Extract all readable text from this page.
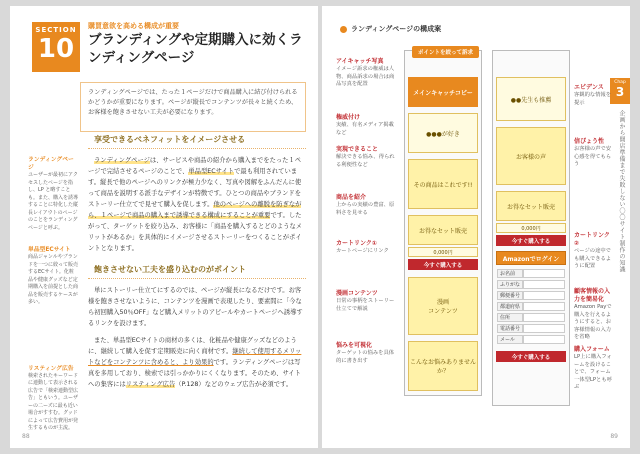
SECTION
10
購買意欲を高める構成が重要
ブランディングや定期購入に効くランディングページ
ランディングページでは、たった１ページだけで商品購入に結び付けられるかどうかが重要になります。ページが縦長でコンテンツが長々と続くため、お客様を飽きさせない工夫が必要になります。
ランディングページ
ユーザーが最初にアクセスしたページを指し、LP と略すことも。また、購入を誘導することに特化した縦長レイアウトのページのことをランディングページと呼ぶ。
単品型ECサイト
商品ジャンルやブランドを一つに絞って販売するECサイト。化粧品や健康グッズなど定期購入を前提とした商品を販売するケースが多い。
リスティング広告
検索されたキーワードに連動して表示される広告で「検索連動型広告」ともいう。ユーザーの二ーズに最も近い場合がすすむ。グッドによって広告費用が発生するものが主流。
享受できるベネフィットをイメージさせる

ランディングページは、サービスや商品の紹介から購入までをたった１ページで完結させるページのことで、単品型ECサイトで最も利用されています。縦長で他のページへのリンクが極力少なく、写真や図解をふんだんに使って商品を説明する派手なデザインが特徴です。ひとつの商品やブランドをストーリー仕立てで見せて購入を促します。他のページへの離脱を防ぎながら、１ページで商品の購入まで誘導できる構成にすることが重要です。したがって、ターゲットを絞り込み、お客様に「商品を購入するとどのようなメリットがあるか」を具体的にイメージさせるストーリーをつくることがポイントとなります。

飽きさせない工夫を盛り込むのがポイント

単にストーリー仕立てにするのでは、ページが縦長になるだけです。お客様を飽きさせないように、コンテンツを漫画で表現したり、要素間に「今なら初回購入50％OFF」など購入メリットのアピールやカートページへ誘導するリンクを設けます。

また、単品型ECサイトの商材の多くは、化粧品や健康グッズなどのように、継続して購入を促す定期販売に向く商材です。継続して使用するメリットなどをコンテンツに含めると、より効果的です。ランディングページは写真を多用しており、検索では引っかかりにくくなります。そのため、サイトへの集客にはリスティング広告（P.128）などのウェブ広告が必須です。

88
ランディングページの構成案
Chap
3
企画から開店準備まで失敗しない〇〇サイト制作の知識
メインキャッチコピー
●●●が好き
その商品はこれです!!
お得なセット販売
0,000円
今すぐ購入する
漫画
コンテンツ
こんなお悩みありませんか？
●●先生も推薦
お客様の声
お得なセット販売
0,000円
今すぐ購入する
Amazonでログイン
お名前
ふりがな
郵便番号
都道府県
住所
電話番号
メール
今すぐ購入する
ポイントを絞って訴求
アイキャッチ写真
イメージ訴求の権威は人物、商品訴求の場合は商品写真を配置
権威付け
実績、有名メディア掲載など
実現できること
解決できる悩み、得られる利便性など
商品を紹介
上からの実績の豊富、原料さを見せる
カートリンク①
カートページにリンク
漫画コンテンツ
日常の事柄をストーリー仕立てで解説
悩みを可視化
ターゲットの悩みを具体的に書き出す
エビデンス
客観的な情報を提示
信ぴょう性
お客様の声で安心感を得てもらう
カートリンク②
ページの途中でも購入できるように配置
顧客情報の入力を簡易化
Amazon Payで購入を行えるようにすると、お客様情報の入力を省略
購入フォーム
LP上に購入フォームを設けることで、フォーム一体型LPとも呼ぶ
89
